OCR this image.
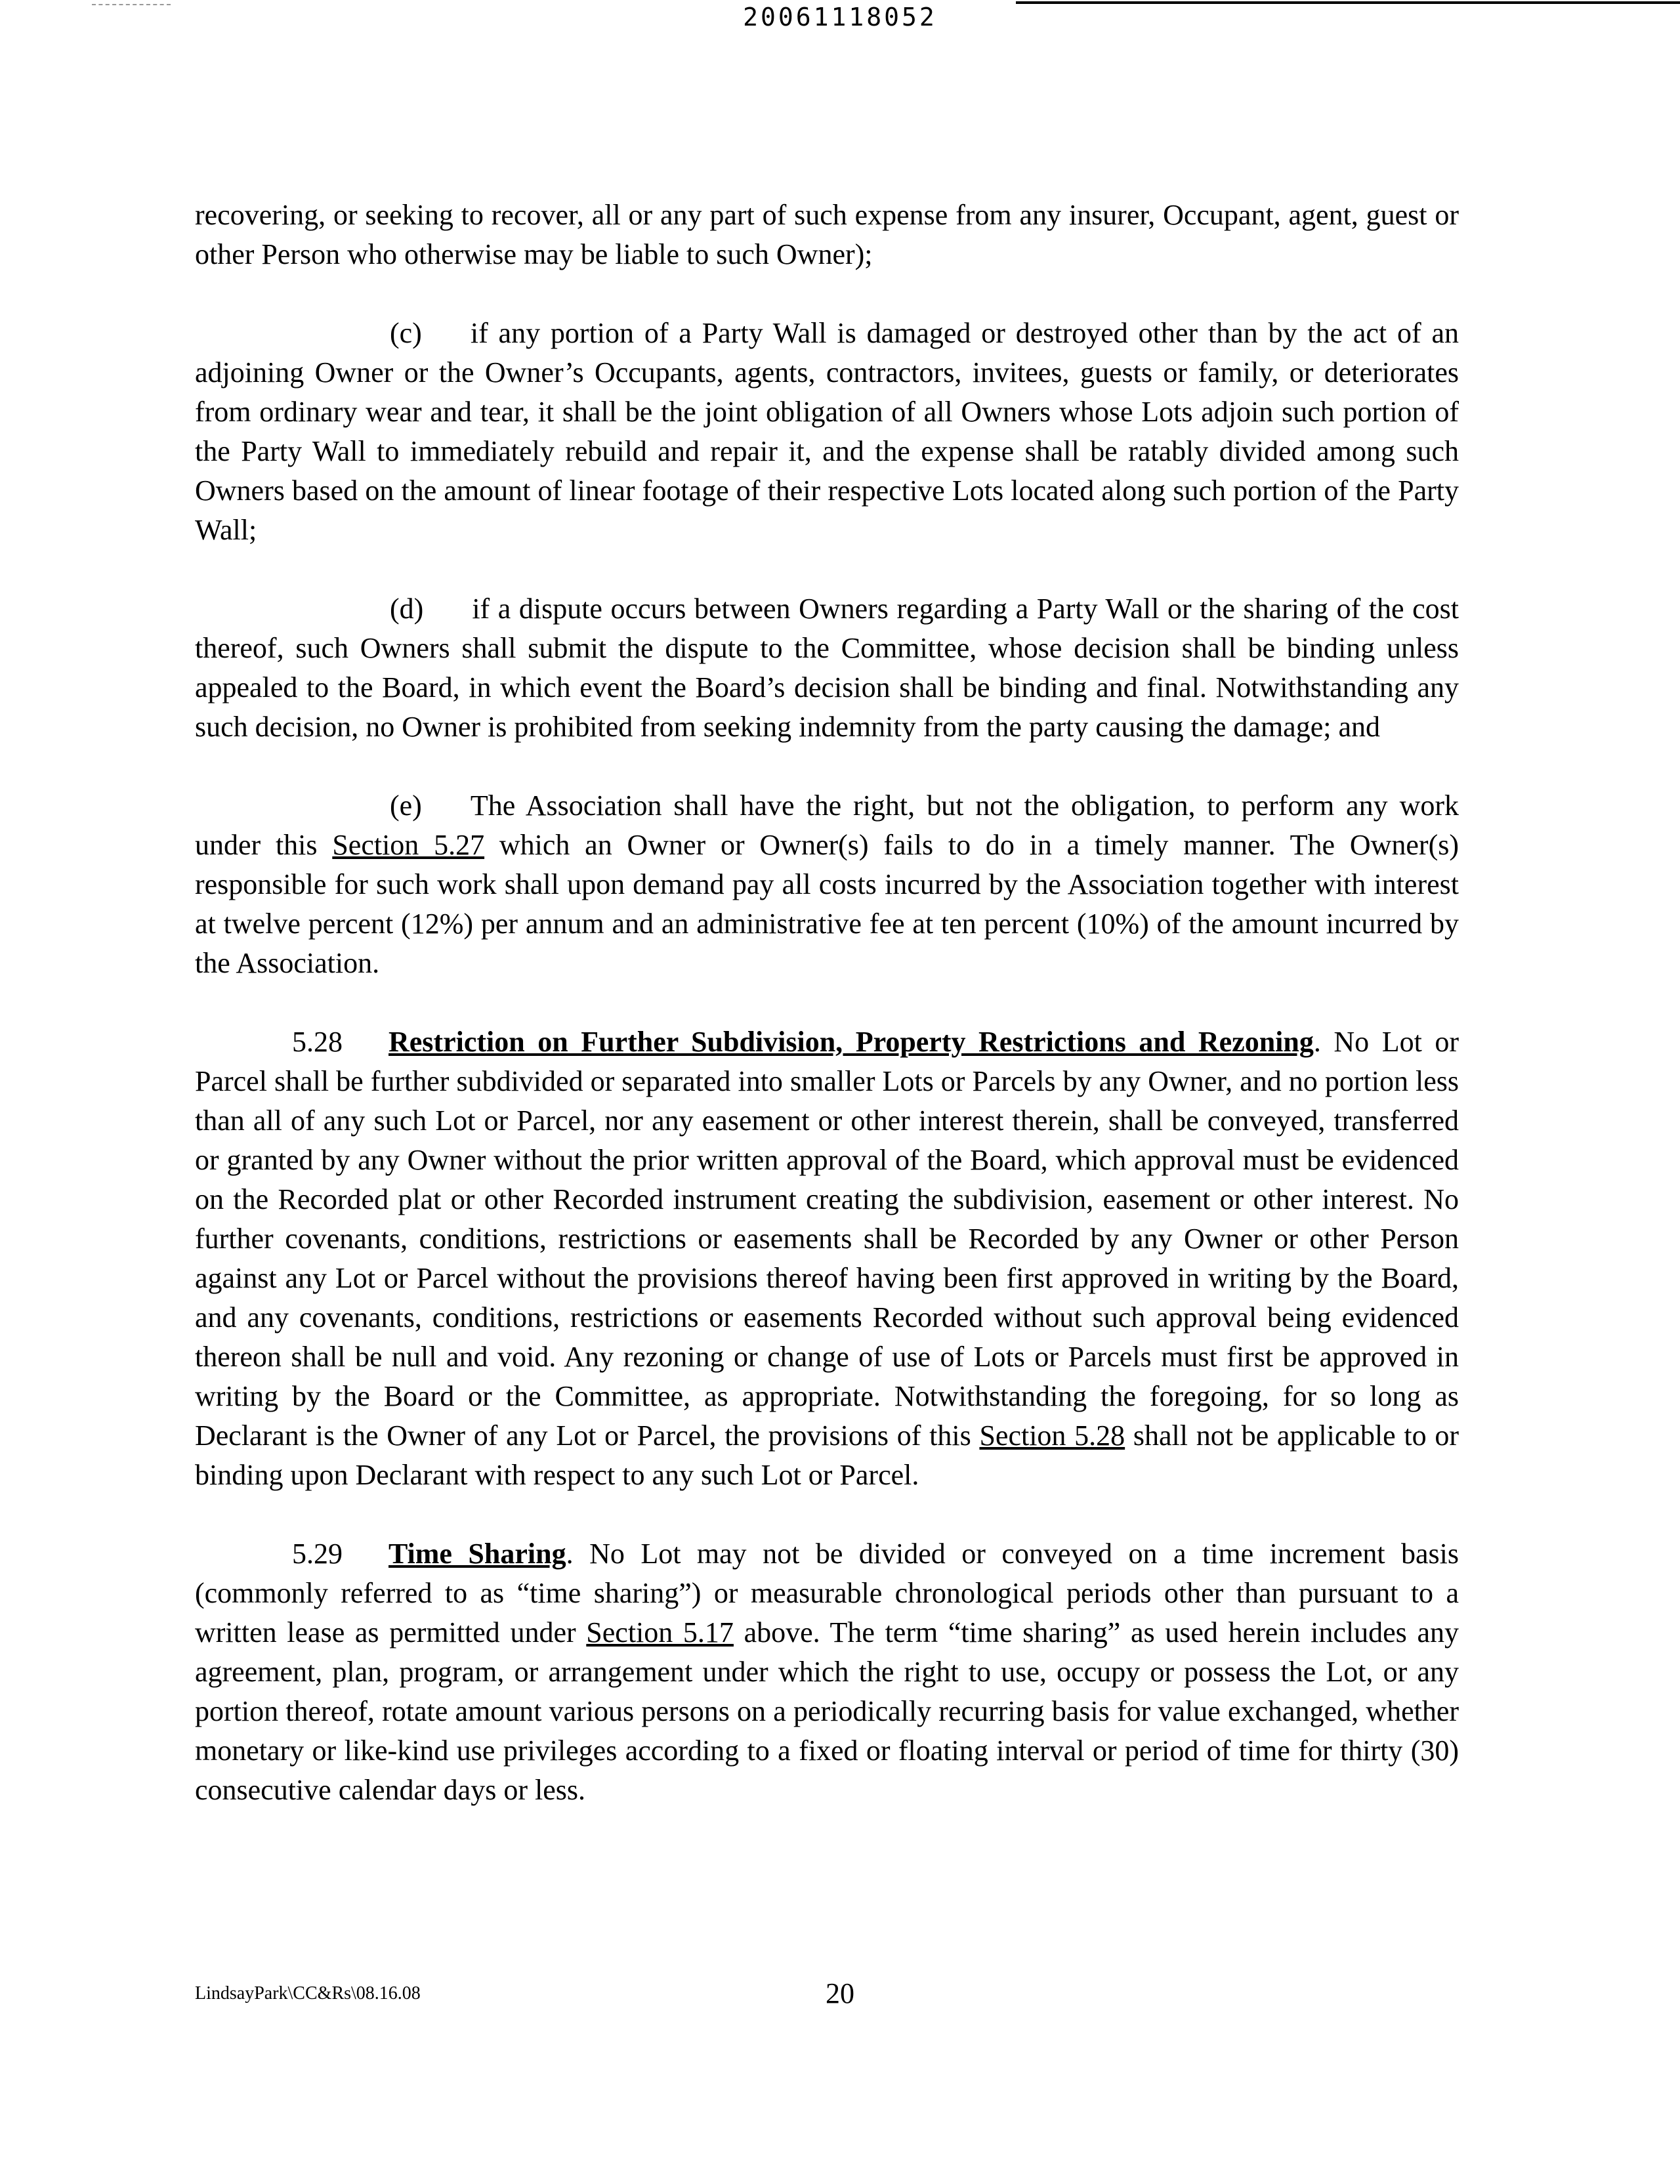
20061118052

recovering, or seeking to recover, all or any part of such expense from any insurer, Occupant, agent, guest or other Person who otherwise may be liable to such Owner);

(c) if any portion of a Party Wall is damaged or destroyed other than by the act of an adjoining Owner or the Owner’s Occupants, agents, contractors, invitees, guests or family, or deteriorates from ordinary wear and tear, it shall be the joint obligation of all Owners whose Lots adjoin such portion of the Party Wall to immediately rebuild and repair it, and the expense shall be ratably divided among such Owners based on the amount of linear footage of their respective Lots located along such portion of the Party Wall;

(d) if a dispute occurs between Owners regarding a Party Wall or the sharing of the cost thereof, such Owners shall submit the dispute to the Committee, whose decision shall be binding unless appealed to the Board, in which event the Board’s decision shall be binding and final. Notwithstanding any such decision, no Owner is prohibited from seeking indemnity from the party causing the damage; and

(e) The Association shall have the right, but not the obligation, to perform any work under this Section 5.27 which an Owner or Owner(s) fails to do in a timely manner. The Owner(s) responsible for such work shall upon demand pay all costs incurred by the Association together with interest at twelve percent (12%) per annum and an administrative fee at ten percent (10%) of the amount incurred by the Association.

5.28 Restriction on Further Subdivision, Property Restrictions and Rezoning. No Lot or Parcel shall be further subdivided or separated into smaller Lots or Parcels by any Owner, and no portion less than all of any such Lot or Parcel, nor any easement or other interest therein, shall be conveyed, transferred or granted by any Owner without the prior written approval of the Board, which approval must be evidenced on the Recorded plat or other Recorded instrument creating the subdivision, easement or other interest. No further covenants, conditions, restrictions or easements shall be Recorded by any Owner or other Person against any Lot or Parcel without the provisions thereof having been first approved in writing by the Board, and any covenants, conditions, restrictions or easements Recorded without such approval being evidenced thereon shall be null and void. Any rezoning or change of use of Lots or Parcels must first be approved in writing by the Board or the Committee, as appropriate. Notwithstanding the foregoing, for so long as Declarant is the Owner of any Lot or Parcel, the provisions of this Section 5.28 shall not be applicable to or binding upon Declarant with respect to any such Lot or Parcel.

5.29 Time Sharing. No Lot may not be divided or conveyed on a time increment basis (commonly referred to as “time sharing”) or measurable chronological periods other than pursuant to a written lease as permitted under Section 5.17 above. The term “time sharing” as used herein includes any agreement, plan, program, or arrangement under which the right to use, occupy or possess the Lot, or any portion thereof, rotate amount various persons on a periodically recurring basis for value exchanged, whether monetary or like-kind use privileges according to a fixed or floating interval or period of time for thirty (30) consecutive calendar days or less.

LindsayPark\CC&Rs\08.16.08	20
